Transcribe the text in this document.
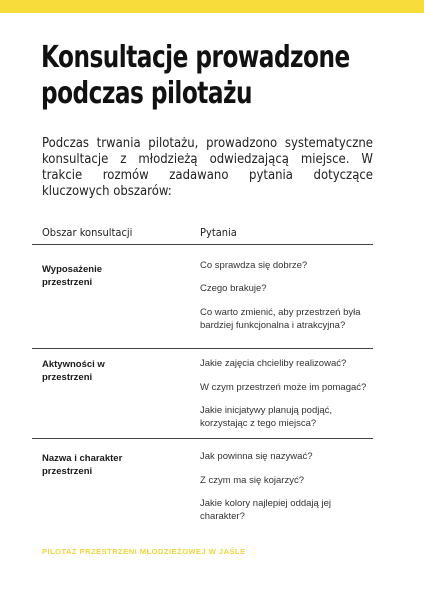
Konsultacje prowadzone
podczas pilotażu

Podczas trwania pilotażu, prowadzono systematyczne konsultacje z młodzieżą odwiedzającą miejsce. W trakcie rozmów zadawano pytania dotyczące kluczowych obszarów:

Obszar konsultacji	Pytania
Wyposażenie
przestrzeni
Co sprawdza się dobrze?
Czego brakuje?
Co warto zmienić, aby przestrzeń była
bardziej funkcjonalna i atrakcyjna?
Aktywności w
przestrzeni
Jakie zajęcia chcieliby realizować?
W czym przestrzeń może im pomagać?
Jakie inicjatywy planują podjąć,
korzystając z tego miejsca?
Nazwa i charakter
przestrzeni
Jak powinna się nazywać?
Z czym ma się kojarzyć?
Jakie kolory najlepiej oddają jej
charakter?
PILOTAŻ PRZESTRZENI MŁODZIEŻOWEJ W JAŚLE
